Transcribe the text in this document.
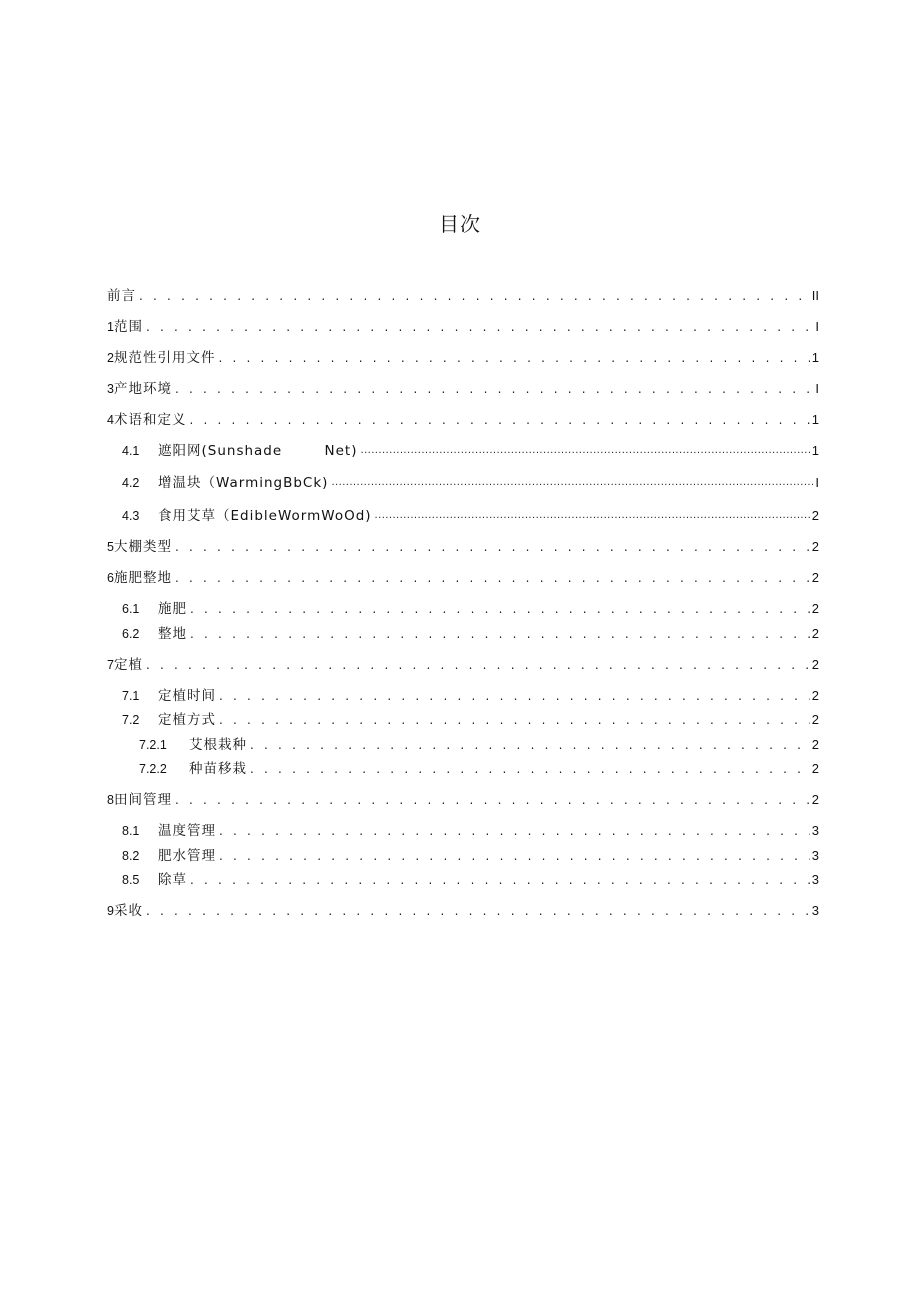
目次
前言 . . .	II
1 范围 . . .	I
2 规范性引用文件 . . .	1
3 产地环境 . . .	I
4 术语和定义 . . .	1
4.1	遮阳网(Sunshade        Net) .....	1
4.2	增温块（WarmingBbCk) .....	I
4.3	食用艾草（EdibleWormWoOd) .....	2
5 大棚类型 . . .	2
6 施肥整地 . . .	2
6.1	施肥 . . .	2
6.2	整地 . . .	2
7 定植 . . .	2
7.1	定植时间 . . .	2
7.2	定植方式 . . .	2
7.2.1	艾根栽种 . . .	2
7.2.2	种苗移栽 . . .	2
8 田间管理 . . .	2
8.1	温度管理 . . .	3
8.2	肥水管理 . . .	3
8.5	除草 . . .	3
9 采收 . . .	3
